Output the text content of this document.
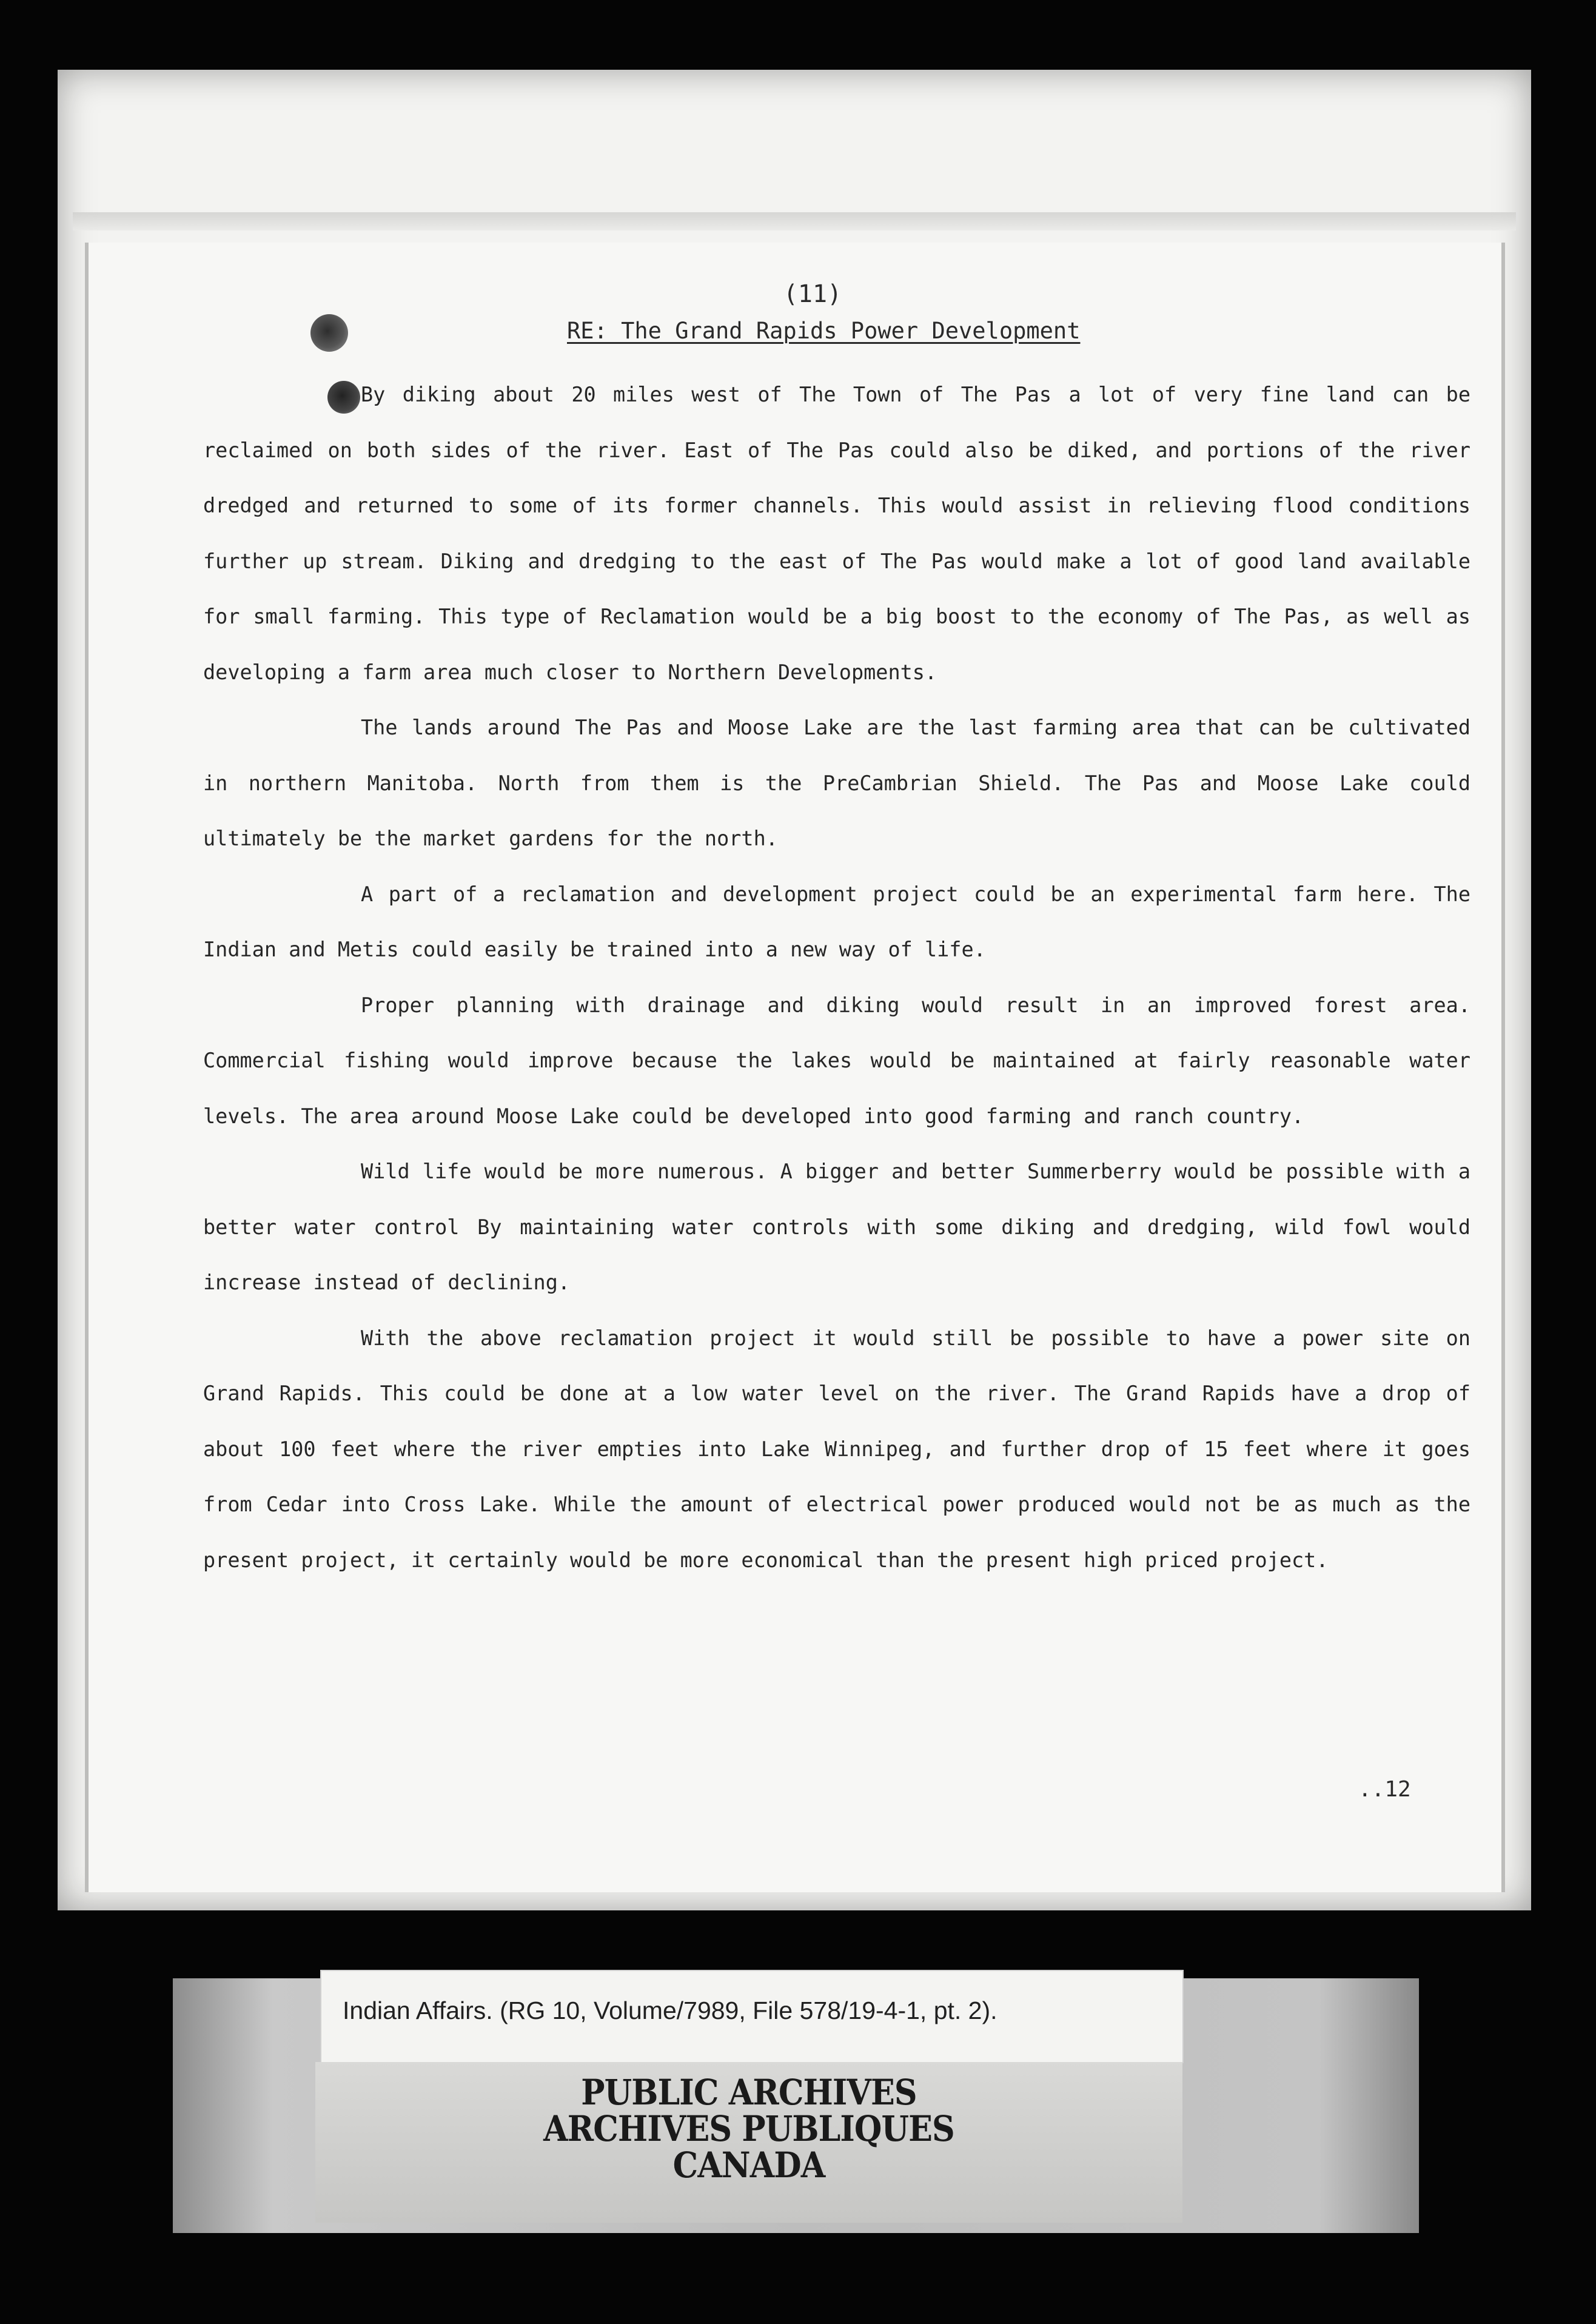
(11)
RE: The Grand Rapids Power Development

By diking about 20 miles west of The Town of The Pas a lot of very fine land can be reclaimed on both sides of the river. East of The Pas could also be diked, and portions of the river dredged and returned to some of its former channels. This would assist in relieving flood conditions further up stream. Diking and dredging to the east of The Pas would make a lot of good land available for small farming. This type of Reclamation would be a big boost to the economy of The Pas, as well as developing a farm area much closer to Northern Developments.

The lands around The Pas and Moose Lake are the last farming area that can be cultivated in northern Manitoba. North from them is the PreCambrian Shield. The Pas and Moose Lake could ultimately be the market gardens for the north.

A part of a reclamation and development project could be an experimental farm here. The Indian and Metis could easily be trained into a new way of life.

Proper planning with drainage and diking would result in an improved forest area. Commercial fishing would improve because the lakes would be maintained at fairly reasonable water levels. The area around Moose Lake could be developed into good farming and ranch country.

Wild life would be more numerous. A bigger and better Summerberry would be possible with a better water control By maintaining water controls with some diking and dredging, wild fowl would increase instead of declining.

With the above reclamation project it would still be possible to have a power site on Grand Rapids. This could be done at a low water level on the river. The Grand Rapids have a drop of about 100 feet where the river empties into Lake Winnipeg, and further drop of 15 feet where it goes from Cedar into Cross Lake. While the amount of electrical power produced would not be as much as the present project, it certainly would be more economical than the present high priced project.

..12
Indian Affairs. (RG 10, Volume/7989, File 578/19-4-1, pt. 2).
PUBLIC ARCHIVES
ARCHIVES PUBLIQUES
CANADA
